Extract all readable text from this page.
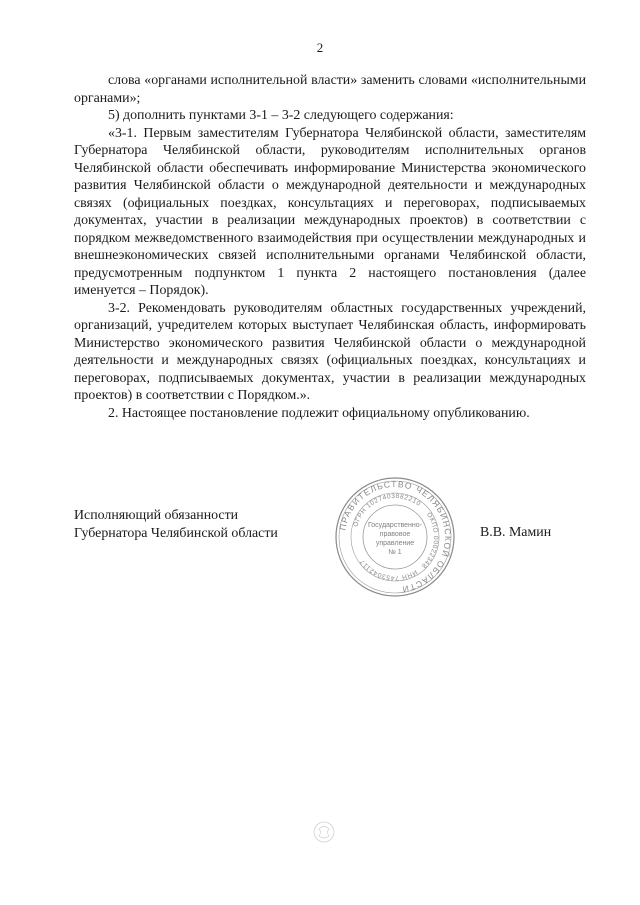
2

слова «органами исполнительной власти» заменить словами «исполнительными органами»;

5) дополнить пунктами 3-1 – 3-2 следующего содержания:

«3-1. Первым заместителям Губернатора Челябинской области, заместителям Губернатора Челябинской области, руководителям исполнительных органов Челябинской области обеспечивать информирование Министерства экономического развития Челябинской области о международной деятельности и международных связях (официальных поездках, консультациях и переговорах, подписываемых документах, участии в реализации международных проектов) в соответствии с порядком межведомственного взаимодействия при осуществлении международных и внешнеэкономических связей исполнительными органами Челябинской области, предусмотренным подпунктом 1 пункта 2 настоящего постановления (далее именуется – Порядок).

3-2. Рекомендовать руководителям областных государственных учреждений, организаций, учредителем которых выступает Челябинская область, информировать Министерство экономического развития Челябинской области о международной деятельности и международных связях (официальных поездках, консультациях и переговорах, подписываемых документах, участии в реализации международных проектов) в соответствии с Порядком.».

2. Настоящее постановление подлежит официальному опубликованию.

Исполняющий обязанности
Губернатора Челябинской области	В.В. Мамин
ПРАВИТЕЛЬСТВО ЧЕЛЯБИНСКОЙ ОБЛАСТИ
ОГРН 1027403882210
ОКПО 00022348
ИНН 7453042117
Государственно-
правовое
управление
№ 1
